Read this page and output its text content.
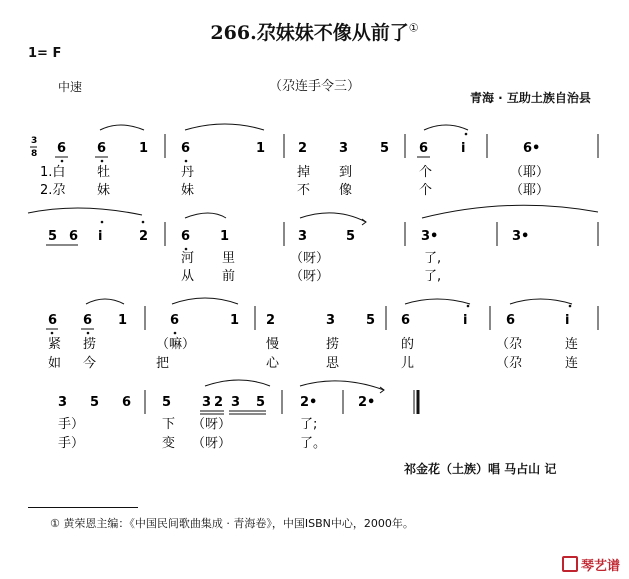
266.尕妹妹不像从前了①
1= F
中速	（尕连手令三）
青海 · 互助土族自治县
3
8 6 6	1	6	1	2 3 5 6	i	6•
1.白 牡	丹	掉 到	个	（耶）
2.尕 妹	妹	不 像	个	（耶）
5 6 i	2	6 1	3	5	3•	3•
河 里	（呀）	了,
从 前	（呀）	了,
6 6 1	6	1 2	3 5 6	i	6	i
紧 捞	（嘛）	慢	捞	的	（尕	连
如 今	把	心	思	儿	（尕	连
3 5 6 5 3 2 3 5	2•	2•
手）	下 （呀）	了;
手）	变 （呀）	了。
祁金花（土族）唱 马占山 记
① 黄荣恩主编：《中国民间歌曲集成 · 青海卷》，中国ISBN中心，2000年。
琴艺谱
